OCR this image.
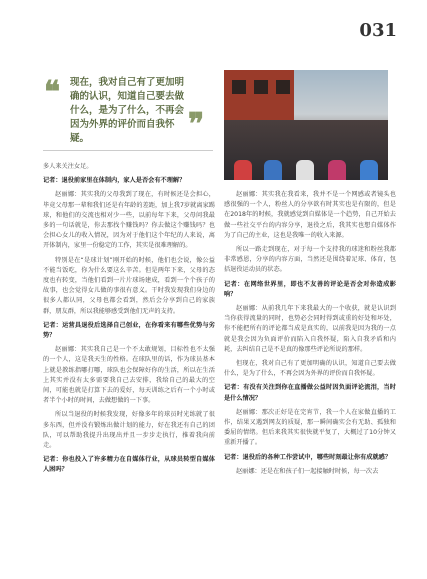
031
❝ 现在，我对自己有了更加明确的认识，知道自己要去做什么，是为了什么，不再会因为外界的评价而自我怀疑。	❞

多人来关注女足。

记者：退役前家里在体制内，家人是否会有不理解？

赵丽娜：其实我的父母我到了现在，有时候还是会担心，毕竟父母那一辈和我们还是有年龄的差距，加上我7岁就离家踢球，和他们的交流也相对少一些，以前每年下来，父母问我最多的一句话就是，你去那找个赚钱吗？你去做这个赚钱吗？也会担心女儿的收入情况，因为对于他们这个年纪的人来说，离开体制内，家里一份稳定的工作，其实是很难理解的。

特别是在“是球计划”刚开始的时候，他们也会说，像公益不能当饭吃，你为什么要这么辛苦。但是两年下来，父母的态度也有转变，当他们看到一片片球场建成，看到一个个孩子的故事，也会觉得女儿做的事很有意义。干时我发现我们身边的很多人都认同，父母也都会看到，然后会分享到自己的家族群，朋友群，所以我能够感受到他们无声的支持。

记者：运营具退役后选择自己创业，在你看来有哪些优势与劣势？

赵丽娜：其实我自己是一个不太敢规划，目标性也不太强的一个人，这是我天生的性格。在球队里的话，作为球员基本上就是教练指哪打哪，球队也会保障好你的生活，所以在生活上其实并没有太多需要我自己去安排，我给自己的最大的空间，可能也就是打算下去的爱好，每天训练之后有一个小时或者半个小时的时间，去做想做的一下事。

所以当退役的时候我发现，好像多年的球员时光练就了很多东西，但并没有锻炼出做计划的能力，好在我还有自己的团队，可以帮助我提升出现出并且一步步走执行，推着我向前走。

记者：你也投入了许多精力在自媒体行业，从球员转型自媒体人困吗？

赵丽娜：其实我在我看来，我并不是一个网感或者镜头也感很强的一个人，粉丝人的分享欲有时其实也是有限的，但是在2018年的时候，我就感觉到自媒体是一个趋势，自己开始去做一些社交平台的内容分享，退役之后，我其实也想自媒体作为了自己的主业，这也是我唯一的收入来源。

所以一路走到现在，对于每一个支持我的球迷和粉丝我都非常感恩，分享的内容方面，当然还是围绕着足球、体育，包括退役运动员的状态。

记者：在网络世界里，即也不友善的评论是否会对你造成影响？

赵丽娜：从前我几年下来我最大的一个收获，就是认识到当你获得流量的同时，也势必会同时得到或重的好处和坏处，你不能把所有的评论都当成是真实的，以前我是因为我的一点就是我会因为负面评价而陷入自我怀疑，陷入自我矛盾和内耗，去纠结自己是不是真的像那些评论所说的那样。

但现在，我对自己有了更加明确的认识，知道自己要去做什么，是为了什么，不再会因为外界的评价而自我怀疑。

记者：有没有关注到你在直播做公益时因负面评论流泪，当时是什么情况？

赵丽娜：那次正好是在完宵节，我一个人在家做直播的工作，结果又遇到网友的质疑，那一瞬间确实会有无助、孤独和委屈的情绪。但后来我其实很快就平复了，大概过了10分钟又重新开播了。

记者：退役后的各种工作尝试中，哪些时刻最让你有成就感？

赵丽娜：还是在和孩子们一起接触时时候，每一次去
